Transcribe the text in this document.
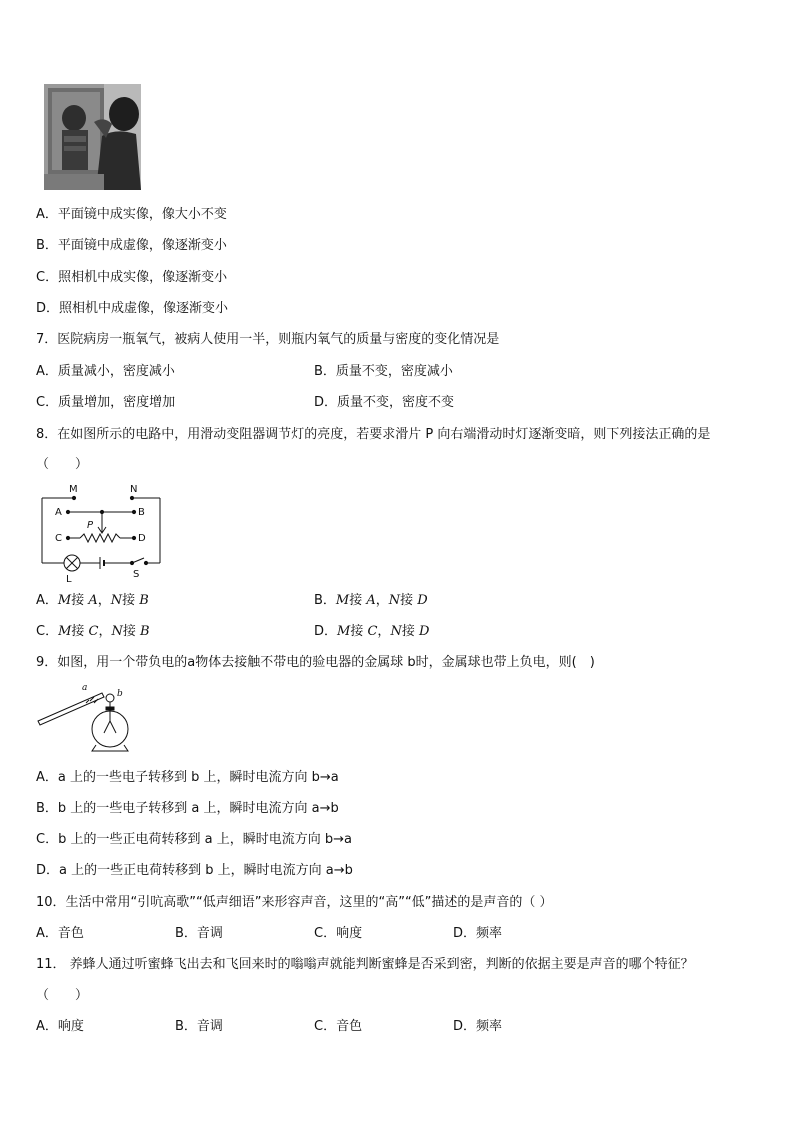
A．平面镜中成实像，像大小不变
B．平面镜中成虚像，像逐渐变小
C．照相机中成实像，像逐渐变小
D．照相机中成虚像，像逐渐变小
7．医院病房一瓶氧气，被病人使用一半，则瓶内氧气的质量与密度的变化情况是
A．质量减小，密度减小	B．质量不变，密度减小
C．质量增加，密度增加	D．质量不变，密度不变
8．在如图所示的电路中，用滑动变阻器调节灯的亮度，若要求滑片 P 向右端滑动时灯逐渐变暗，则下列接法正确的是
（　　）
M	N
A	B
C	D
P
L	S
A．M接 A，N接 B	B．M接 A，N接 D
C．M接 C，N接 B	D．M接 C，N接 D
9．如图，用一个带负电的a物体去接触不带电的验电器的金属球 b时，金属球也带上负电，则(　)
a
b
A．a 上的一些电子转移到 b 上，瞬时电流方向 b→a
B．b 上的一些电子转移到 a 上，瞬时电流方向 a→b
C．b 上的一些正电荷转移到 a 上，瞬时电流方向 b→a
D．a 上的一些正电荷转移到 b 上，瞬时电流方向 a→b
10．生活中常用“引吭高歌”“低声细语”来形容声音，这里的“高”“低”描述的是声音的（ ）
A．音色	B．音调	C．响度	D．频率
11． 养蜂人通过听蜜蜂飞出去和飞回来时的嗡嗡声就能判断蜜蜂是否采到密，判断的依据主要是声音的哪个特征？
（　　）
A．响度	B．音调	C．音色	D．频率
